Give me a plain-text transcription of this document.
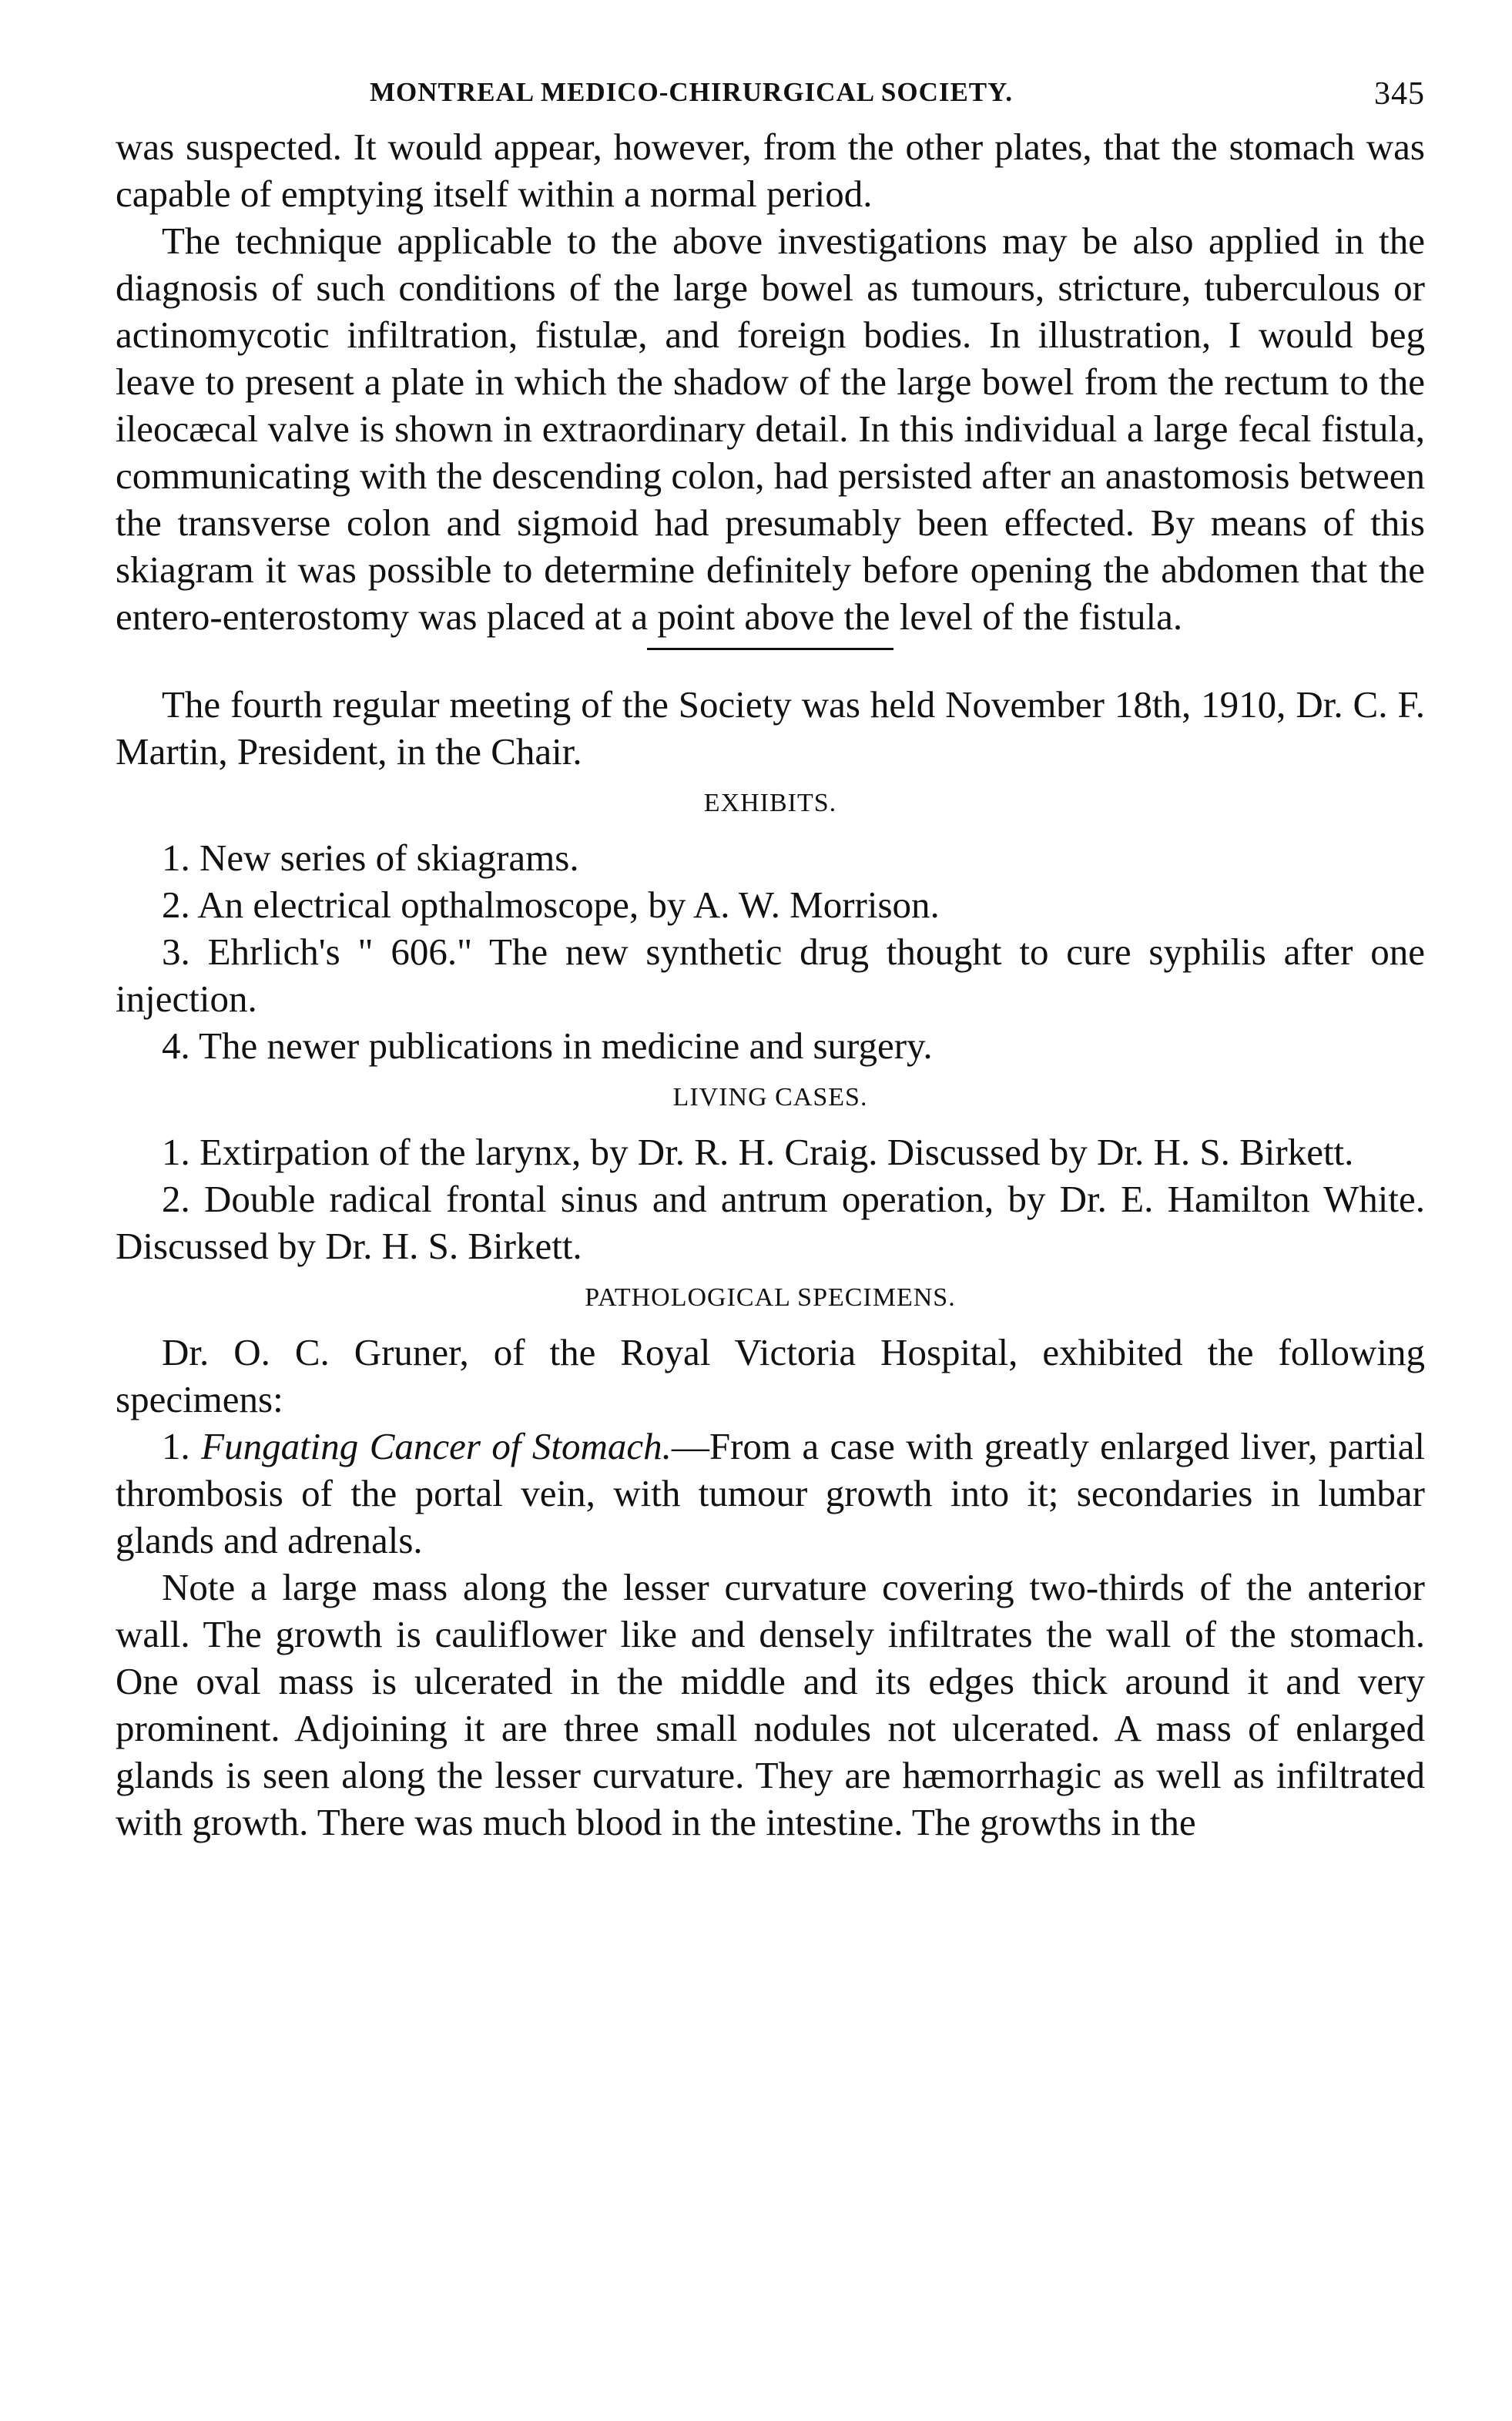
MONTREAL MEDICO-CHIRURGICAL SOCIETY.	345

was suspected. It would appear, however, from the other plates, that the stomach was capable of emptying itself within a normal period.

The technique applicable to the above investigations may be also applied in the diagnosis of such conditions of the large bowel as tumours, stricture, tuberculous or actinomycotic infiltration, fistulæ, and foreign bodies. In illustration, I would beg leave to present a plate in which the shadow of the large bowel from the rectum to the ileocæcal valve is shown in extraordinary detail. In this individual a large fecal fistula, communicating with the descending colon, had persisted after an anastomosis between the transverse colon and sigmoid had presumably been effected. By means of this skiagram it was possible to determine definitely before opening the abdomen that the entero-enterostomy was placed at a point above the level of the fistula.

The fourth regular meeting of the Society was held November 18th, 1910, Dr. C. F. Martin, President, in the Chair.

EXHIBITS.
1. New series of skiagrams.
2. An electrical opthalmoscope, by A. W. Morrison.
3. Ehrlich's " 606." The new synthetic drug thought to cure syphilis after one injection.
4. The newer publications in medicine and surgery.
LIVING CASES.
1. Extirpation of the larynx, by Dr. R. H. Craig. Discussed by Dr. H. S. Birkett.
2. Double radical frontal sinus and antrum operation, by Dr. E. Hamilton White. Discussed by Dr. H. S. Birkett.
PATHOLOGICAL SPECIMENS.

Dr. O. C. Gruner, of the Royal Victoria Hospital, exhibited the following specimens:

1. Fungating Cancer of Stomach.—From a case with greatly enlarged liver, partial thrombosis of the portal vein, with tumour growth into it; secondaries in lumbar glands and adrenals.

Note a large mass along the lesser curvature covering two-thirds of the anterior wall. The growth is cauliflower like and densely infiltrates the wall of the stomach. One oval mass is ulcerated in the middle and its edges thick around it and very prominent. Adjoining it are three small nodules not ulcerated. A mass of enlarged glands is seen along the lesser curvature. They are hæmorrhagic as well as infiltrated with growth. There was much blood in the intestine. The growths in the
